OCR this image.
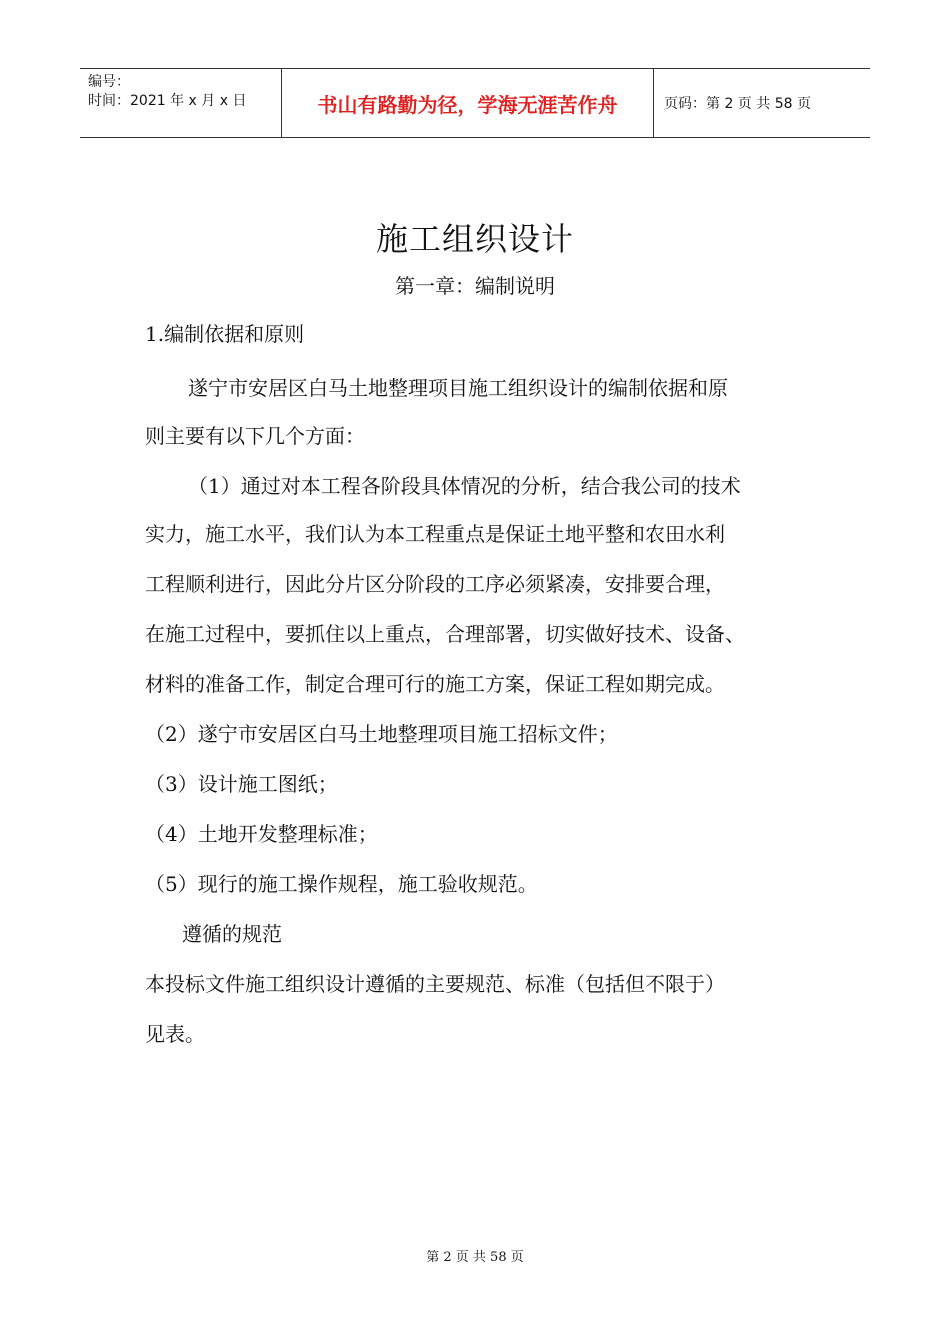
编号：
时间：2021 年 x 月 x 日	书山有路勤为径，学海无涯苦作舟	页码：第 2 页 共 58 页
施工组织设计
第一章：编制说明
1.编制依据和原则
遂宁市安居区白马土地整理项目施工组织设计的编制依据和原
则主要有以下几个方面：
（1）通过对本工程各阶段具体情况的分析，结合我公司的技术
实力，施工水平，我们认为本工程重点是保证土地平整和农田水利
工程顺利进行，因此分片区分阶段的工序必须紧凑，安排要合理，
在施工过程中，要抓住以上重点，合理部署，切实做好技术、设备、
材料的准备工作，制定合理可行的施工方案，保证工程如期完成。
（2）遂宁市安居区白马土地整理项目施工招标文件；
（3）设计施工图纸；
（4）土地开发整理标准；
（5）现行的施工操作规程，施工验收规范。
遵循的规范
本投标文件施工组织设计遵循的主要规范、标准（包括但不限于）
见表。
第 2 页 共 58 页
